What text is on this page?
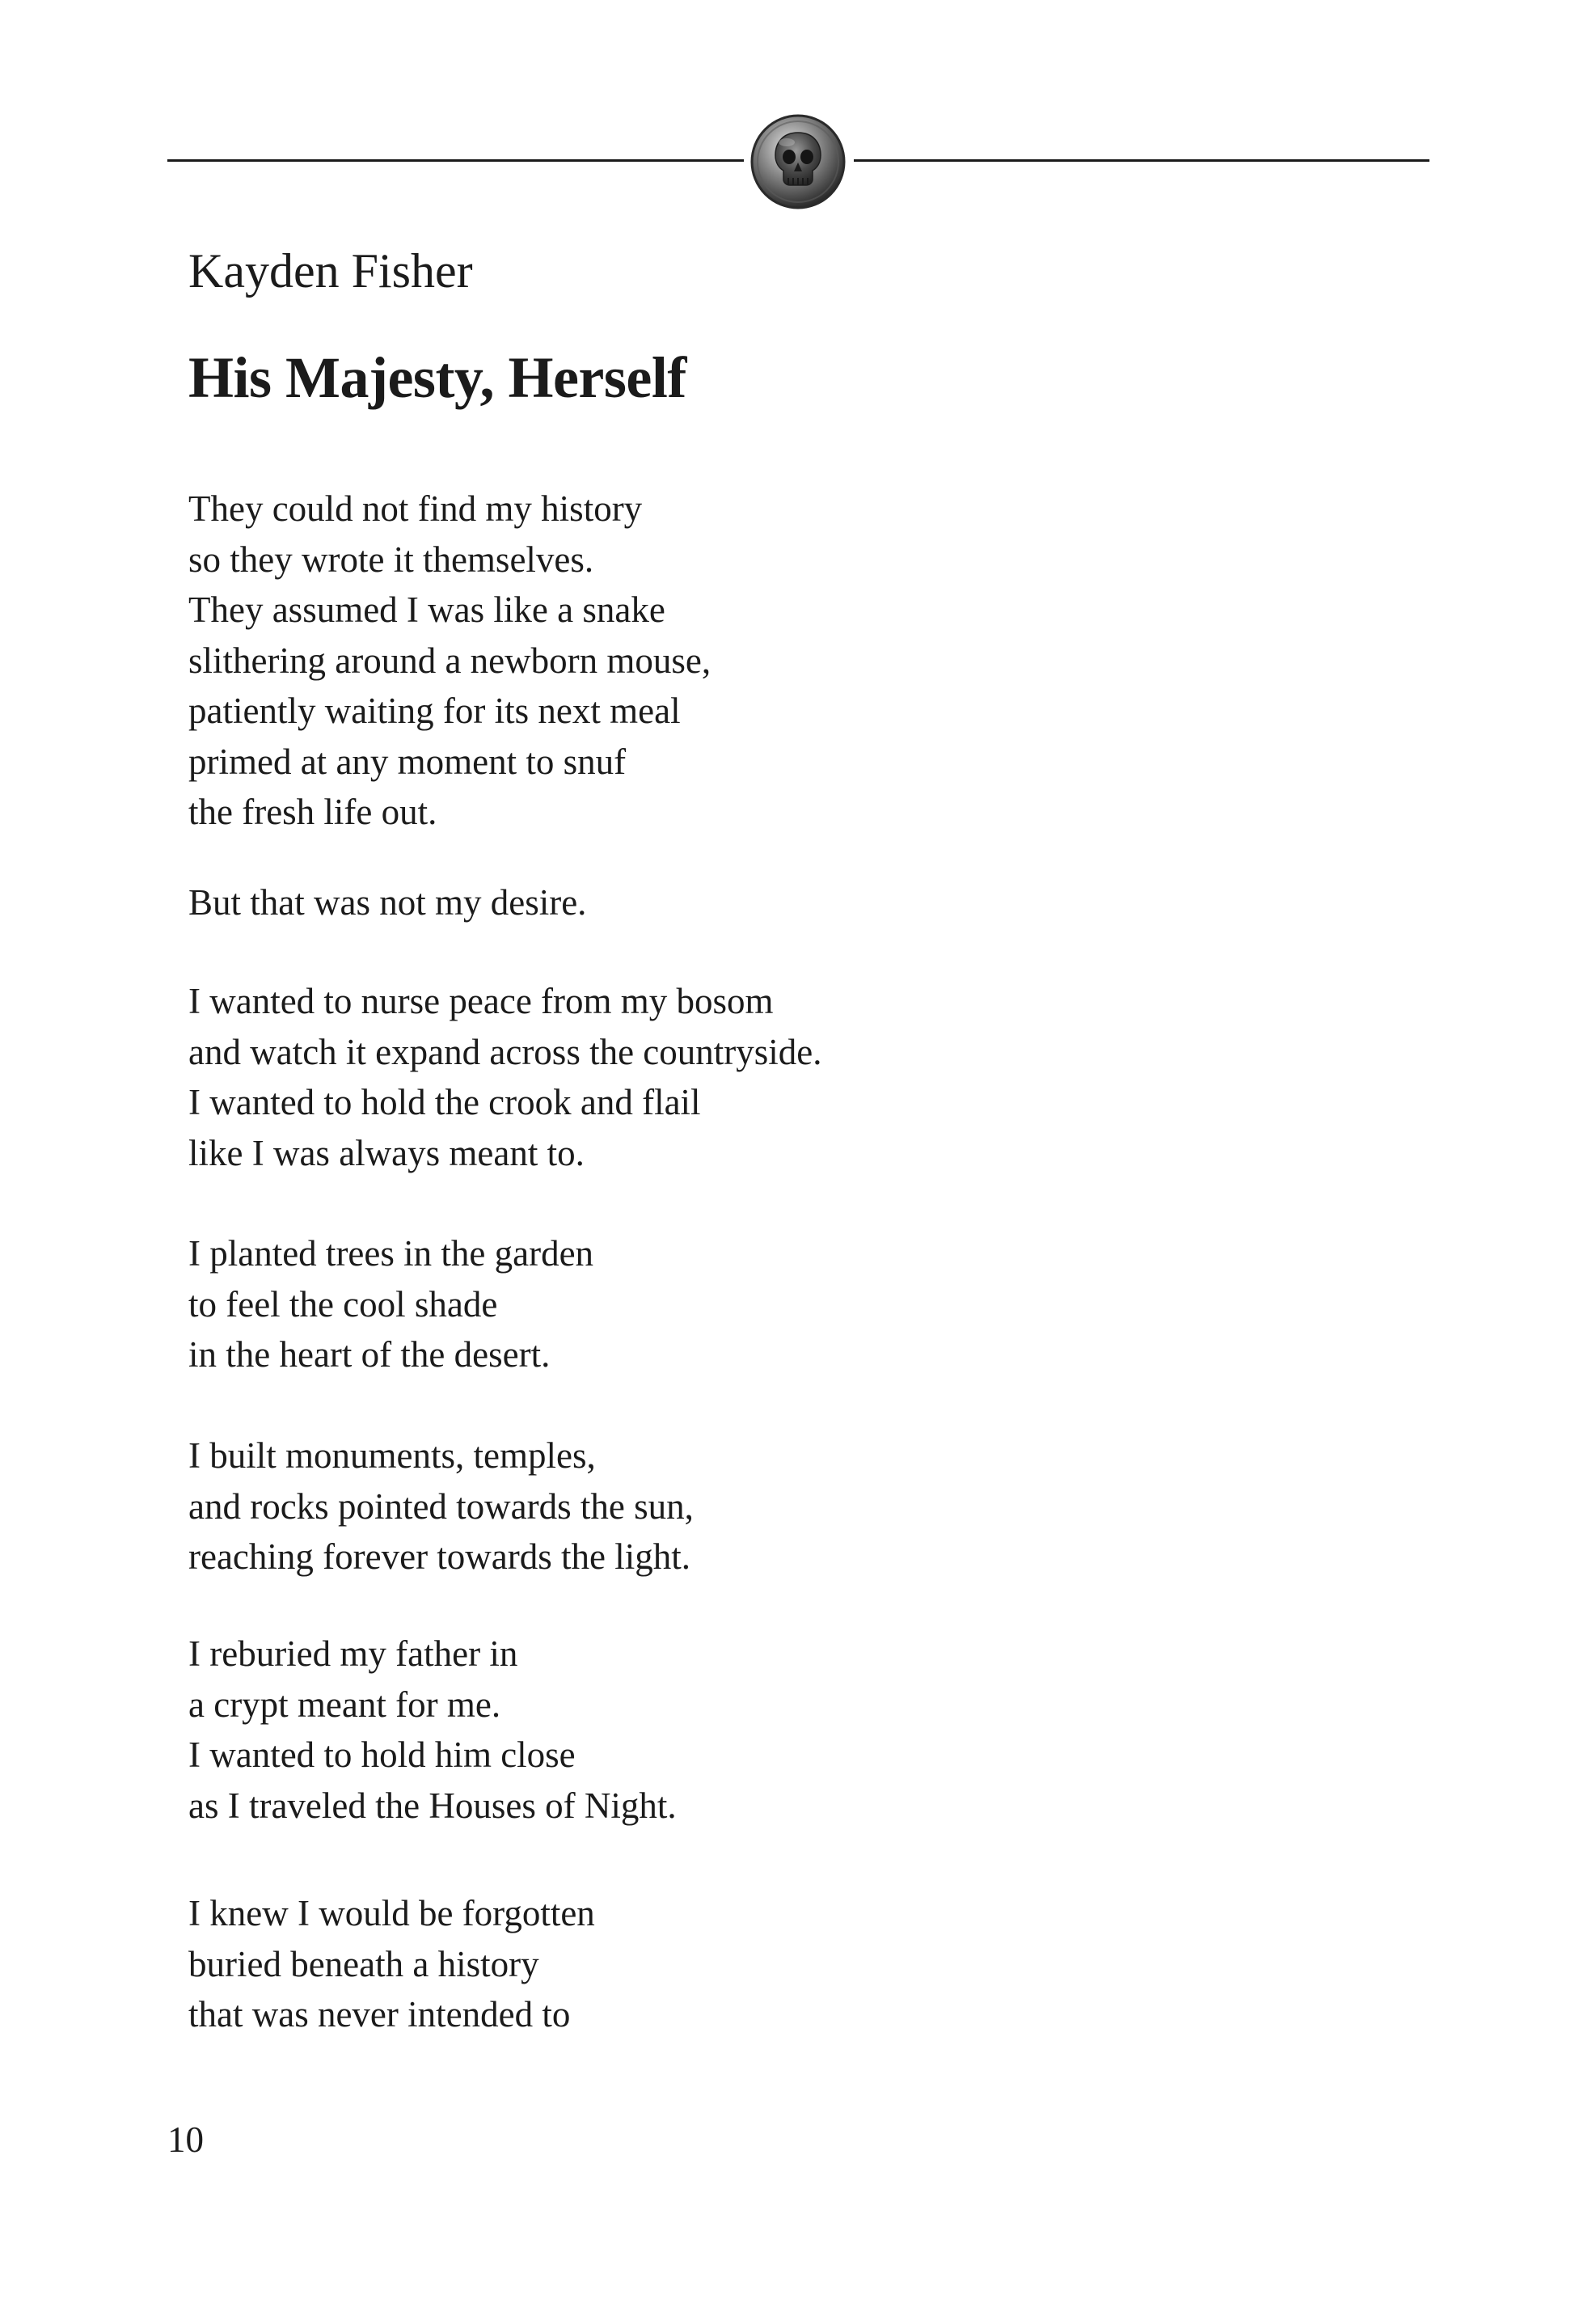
Kayden Fisher
His Majesty, Herself

They could not find my history
so they wrote it themselves.
They assumed I was like a snake
slithering around a newborn mouse,
patiently waiting for its next meal
primed at any moment to snuf
the fresh life out.

But that was not my desire.

I wanted to nurse peace from my bosom
and watch it expand across the countryside.
I wanted to hold the crook and flail
like I was always meant to.

I planted trees in the garden
to feel the cool shade
in the heart of the desert.

I built monuments, temples,
and rocks pointed towards the sun,
reaching forever towards the light.

I reburied my father in
a crypt meant for me.
I wanted to hold him close
as I traveled the Houses of Night.

I knew I would be forgotten
buried beneath a history
that was never intended to

10
